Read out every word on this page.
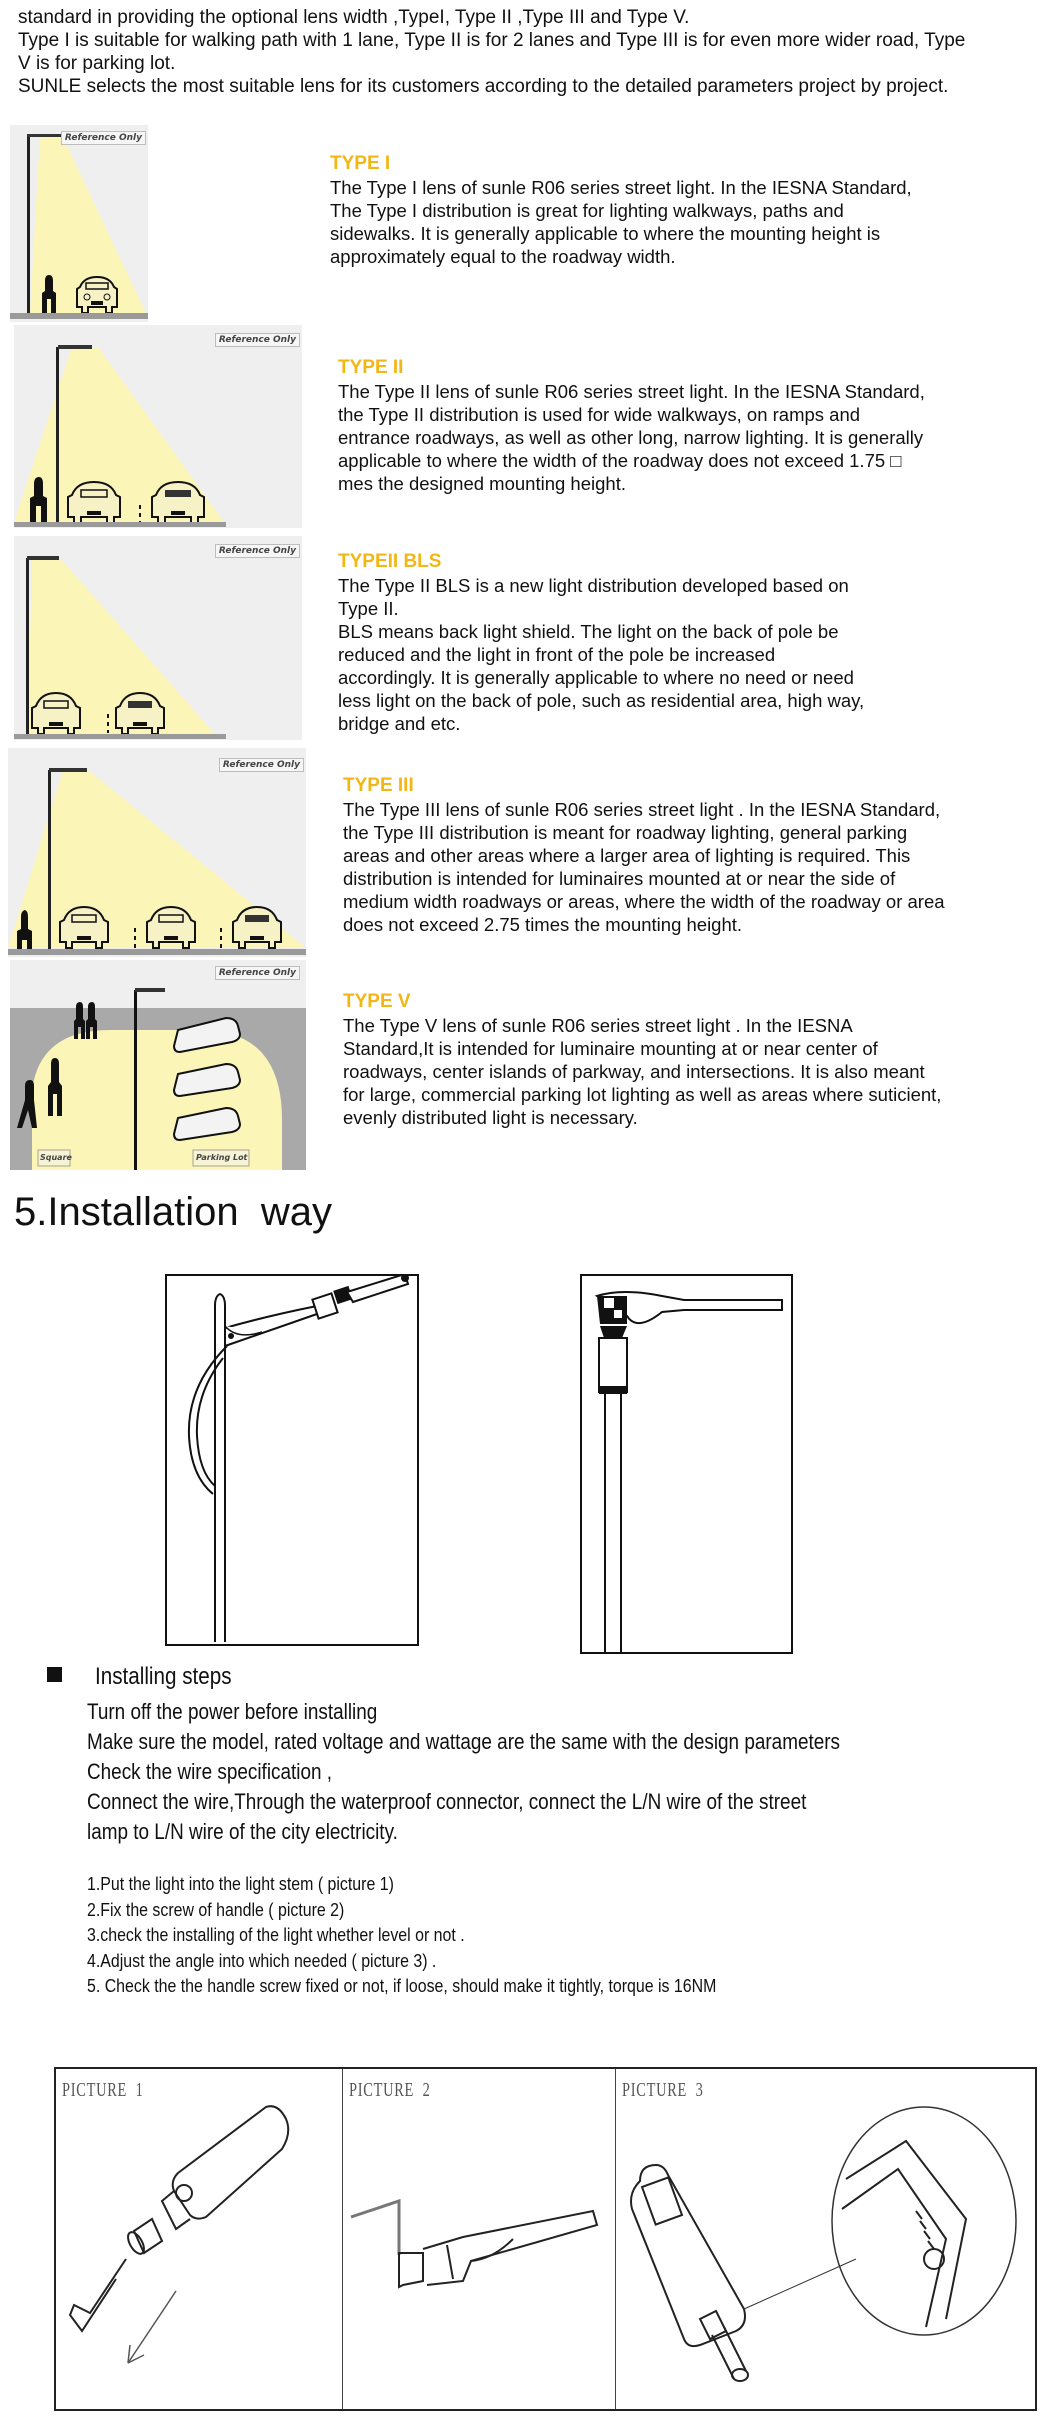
standard in providing the optional lens width ,TypeI, Type II ,Type III and Type V.
Type I is suitable for walking path with 1 lane, Type II is for 2 lanes and Type III is for even more wider road, Type
V is for parking lot.
SUNLE selects the most suitable lens for its customers according to the detailed parameters project by project.
Reference Only
TYPE I
The Type I lens of sunle R06 series street light. In the IESNA Standard,
The Type I distribution is great for lighting walkways, paths and
sidewalks. It is generally applicable to where the mounting height is
approximately equal to the roadway width.
Reference Only
TYPE II
The Type II lens of sunle R06 series street light. In the IESNA Standard,
the Type II distribution is used for wide walkways, on ramps and
entrance roadways, as well as other long, narrow lighting. It is generally
applicable to where the width of the roadway does not exceed 1.75 □
mes the designed mounting height.
Reference Only TYPEII BLS
The Type II BLS is a new light distribution developed based on
Type II.
BLS means back light shield. The light on the back of pole be
reduced and the light in front of the pole be increased
accordingly. It is generally applicable to where no need or need
less light on the back of pole, such as residential area, high way,
bridge and etc.
Reference Only
TYPE III
The Type III lens of sunle R06 series street light . In the IESNA Standard,
the Type III distribution is meant for roadway lighting, general parking
areas and other areas where a larger area of lighting is required. This
distribution is intended for luminaires mounted at or near the side of
medium width roadways or areas, where the width of the roadway or area
does not exceed 2.75 times the mounting height.
Reference Only
Square	Parking Lot
TYPE V
The Type V lens of sunle R06 series street light . In the IESNA
Standard,It is intended for luminaire mounting at or near center of
roadways, center islands of parkway, and intersections. It is also meant
for large, commercial parking lot lighting as well as areas where suticient,
evenly distributed light is necessary.
5.Installation  way
Installing steps
Turn off the power before installing
Make sure the model, rated voltage and wattage are the same with the design parameters
Check the wire specification ,
Connect the wire,Through the waterproof connector, connect the L/N wire of the street
lamp to L/N wire of the city electricity.
1.Put the light into the light stem ( picture 1)
2.Fix the screw of handle ( picture 2)
3.check the installing of the light whether level or not .
4.Adjust the angle into which needed ( picture 3) .
5. Check the the handle screw fixed or not, if loose, should make it tightly, torque is 16NM
PICTURE  1	PICTURE  2	PICTURE  3
